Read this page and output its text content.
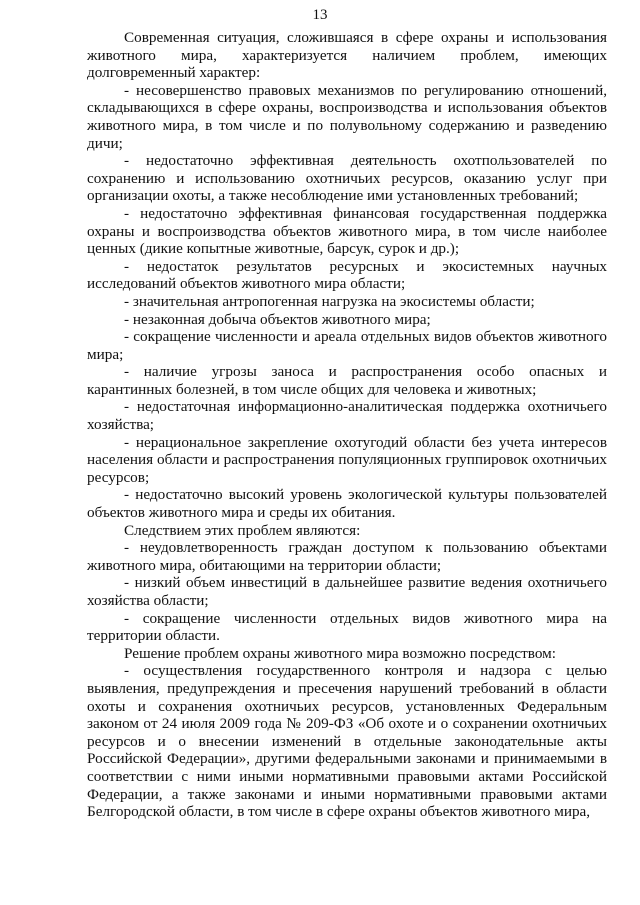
13

Современная ситуация, сложившаяся в сфере охраны и использования животного мира, характеризуется наличием проблем, имеющих долговременный характер:

- несовершенство правовых механизмов по регулированию отношений, складывающихся в сфере охраны, воспроизводства и использования объектов животного мира, в том числе и по полувольному содержанию и разведению дичи;

- недостаточно эффективная деятельность охотпользователей по сохранению и использованию охотничьих ресурсов, оказанию услуг при организации охоты, а также несоблюдение ими установленных требований;

- недостаточно эффективная финансовая государственная поддержка охраны и воспроизводства объектов животного мира, в том числе наиболее ценных (дикие копытные животные, барсук, сурок и др.);

- недостаток результатов ресурсных и экосистемных научных исследований объектов животного мира области;

- значительная антропогенная нагрузка на экосистемы области;

- незаконная добыча объектов животного мира;

- сокращение численности и ареала отдельных видов объектов животного мира;

- наличие угрозы заноса и распространения особо опасных и карантинных болезней, в том числе общих для человека и животных;

- недостаточная информационно-аналитическая поддержка охотничьего хозяйства;

- нерациональное закрепление охотугодий области без учета интересов населения области и распространения популяционных группировок охотничьих ресурсов;

- недостаточно высокий уровень экологической культуры пользователей объектов животного мира и среды их обитания.

Следствием этих проблем являются:

- неудовлетворенность граждан доступом к пользованию объектами животного мира, обитающими на территории области;

- низкий объем инвестиций в дальнейшее развитие ведения охотничьего хозяйства области;

- сокращение численности отдельных видов животного мира на территории области.

Решение проблем охраны животного мира возможно посредством:

- осуществления государственного контроля и надзора с целью выявления, предупреждения и пресечения нарушений требований в области охоты и сохранения охотничьих ресурсов, установленных Федеральным законом от 24 июля 2009 года № 209-ФЗ «Об охоте и о сохранении охотничьих ресурсов и о внесении изменений в отдельные законодательные акты Российской Федерации», другими федеральными законами и принимаемыми в соответствии с ними иными нормативными правовыми актами Российской Федерации, а также законами и иными нормативными правовыми актами Белгородской области, в том числе в сфере охраны объектов животного мира,
